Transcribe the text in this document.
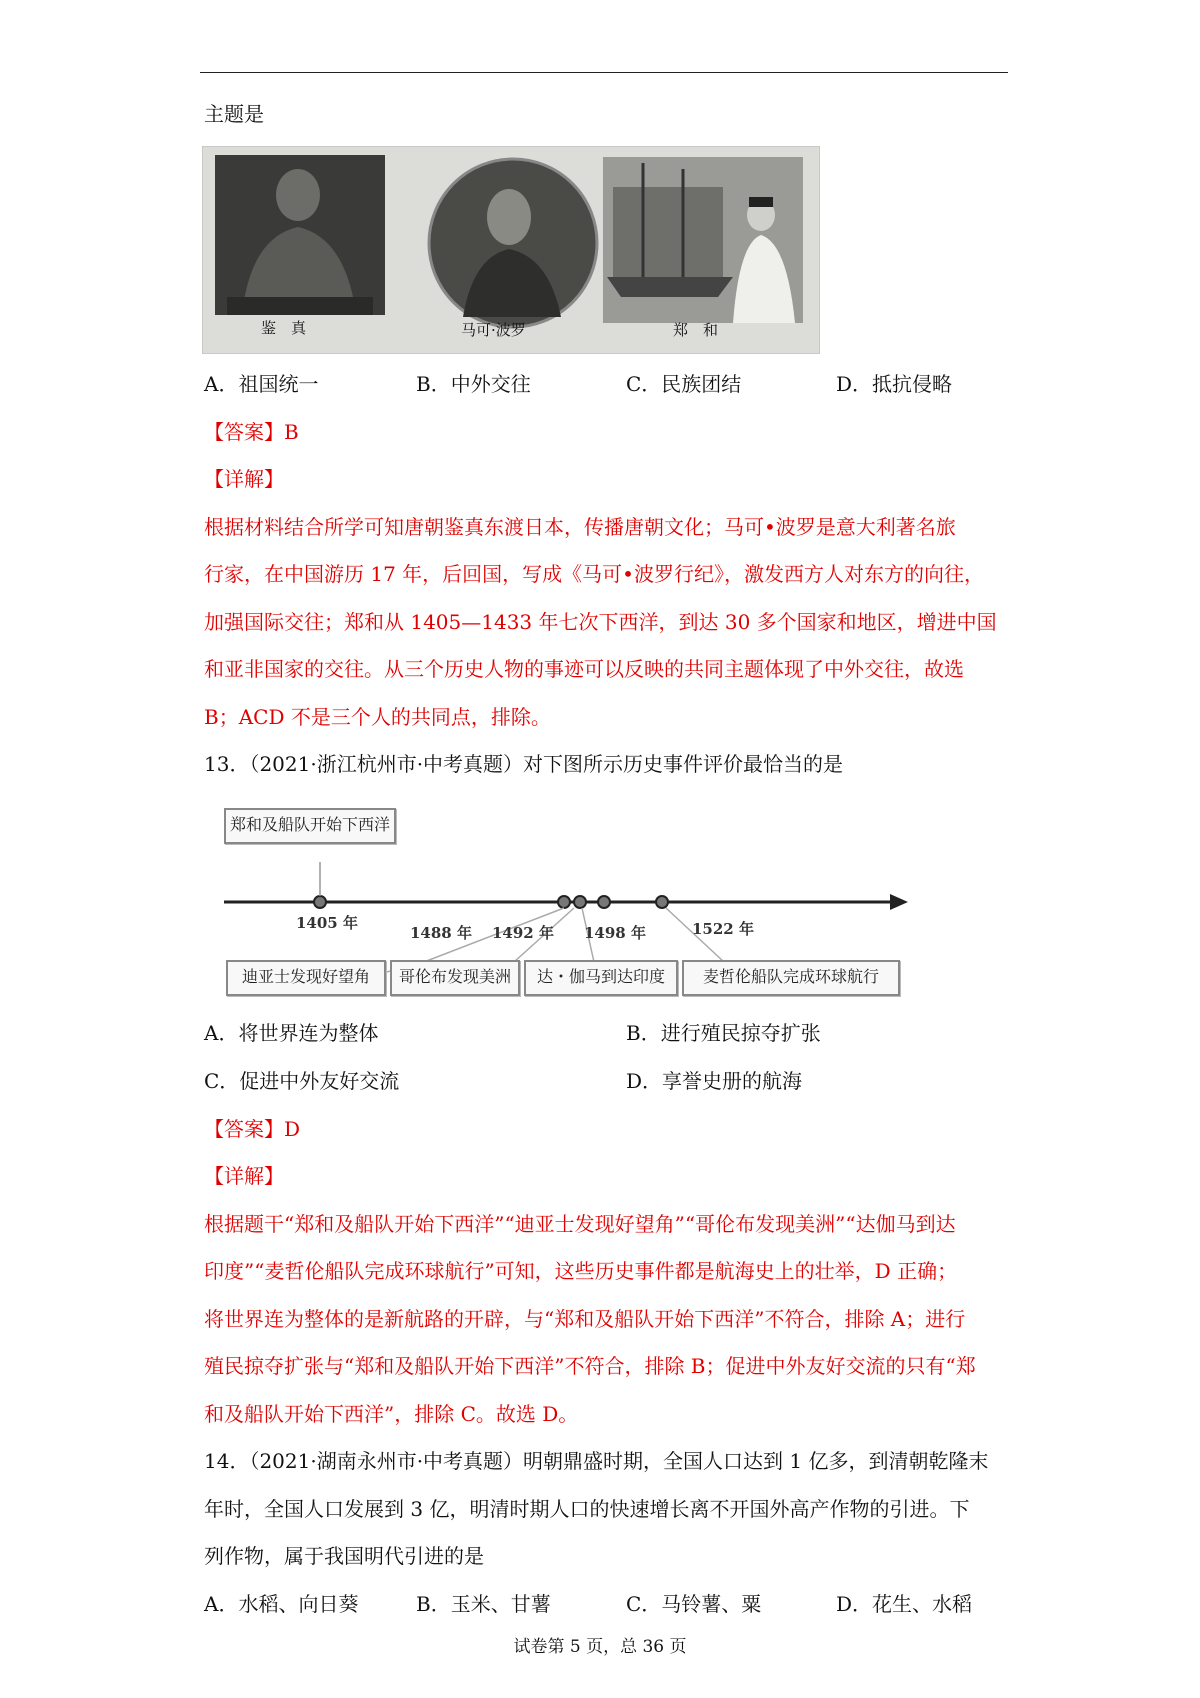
主题是
鉴　真	马可·波罗	郑　和
A．祖国统一	B．中外交往	C．民族团结	D．抵抗侵略
【答案】B
【详解】
根据材料结合所学可知唐朝鉴真东渡日本，传播唐朝文化；马可•波罗是意大利著名旅
行家，在中国游历 17 年，后回国，写成《马可•波罗行纪》，激发西方人对东方的向往，
加强国际交往；郑和从 1405—1433 年七次下西洋，到达 30 多个国家和地区，增进中国
和亚非国家的交往。从三个历史人物的事迹可以反映的共同主题体现了中外交往，故选
B；ACD 不是三个人的共同点，排除。
13．（2021·浙江杭州市·中考真题）对下图所示历史事件评价最恰当的是
郑和及船队开始下西洋
1405 年
1488 年 1492 年 1498 年	1522 年
迪亚士发现好望角	哥伦布发现美洲	达・伽马到达印度	麦哲伦船队完成环球航行
A．将世界连为整体	B．进行殖民掠夺扩张
C．促进中外友好交流	D．享誉史册的航海
【答案】D
【详解】
根据题干“郑和及船队开始下西洋”“迪亚士发现好望角”“哥伦布发现美洲”“达伽马到达
印度”“麦哲伦船队完成环球航行”可知，这些历史事件都是航海史上的壮举，D 正确；
将世界连为整体的是新航路的开辟，与“郑和及船队开始下西洋”不符合，排除 A；进行
殖民掠夺扩张与“郑和及船队开始下西洋”不符合，排除 B；促进中外友好交流的只有“郑
和及船队开始下西洋”，排除 C。故选 D。
14．（2021·湖南永州市·中考真题）明朝鼎盛时期，全国人口达到 1 亿多，到清朝乾隆末
年时，全国人口发展到 3 亿，明清时期人口的快速增长离不开国外高产作物的引进。下
列作物，属于我国明代引进的是
A．水稻、向日葵	B．玉米、甘薯	C．马铃薯、粟	D．花生、水稻
试卷第 5 页，总 36 页
